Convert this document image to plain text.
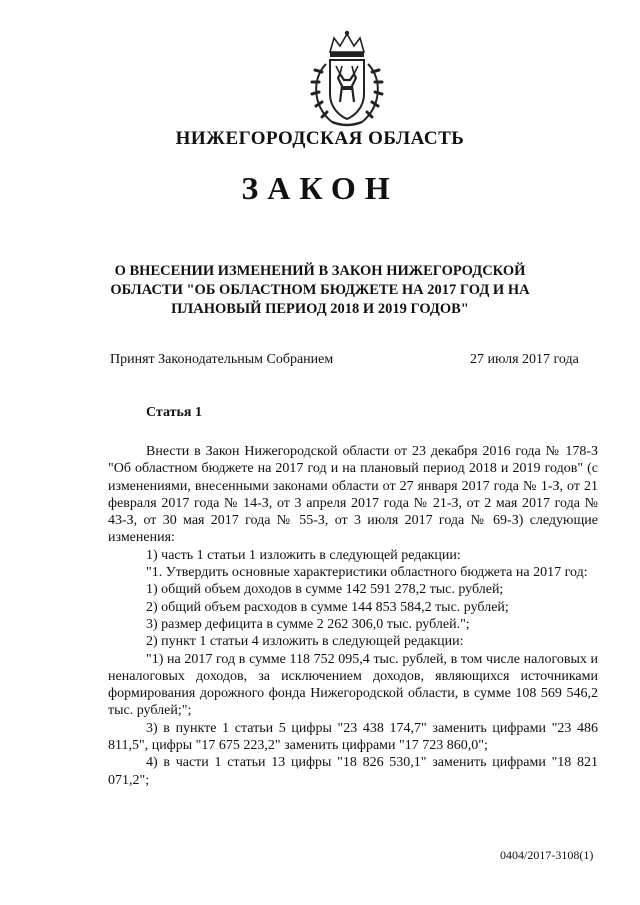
НИЖЕГОРОДСКАЯ ОБЛАСТЬ
ЗАКОН
О ВНЕСЕНИИ ИЗМЕНЕНИЙ В ЗАКОН НИЖЕГОРОДСКОЙ
ОБЛАСТИ "ОБ ОБЛАСТНОМ БЮДЖЕТЕ НА 2017 ГОД И НА
ПЛАНОВЫЙ ПЕРИОД 2018 И 2019 ГОДОВ"
Принят Законодательным Собранием	27 июля 2017 года
Статья 1
Внести в Закон Нижегородской области от 23 декабря 2016 года № 178-З "Об областном бюджете на 2017 год и на плановый период 2018 и 2019 годов" (с изменениями, внесенными законами области от 27 января 2017 года № 1-З, от 21 февраля 2017 года № 14-З, от 3 апреля 2017 года № 21-З, от 2 мая 2017 года № 43-З, от 30 мая 2017 года № 55-З, от 3 июля 2017 года № 69-З) следующие изменения:
1) часть 1 статьи 1 изложить в следующей редакции:
"1. Утвердить основные характеристики областного бюджета на 2017 год:
1) общий объем доходов в сумме 142 591 278,2 тыс. рублей;
2) общий объем расходов в сумме 144 853 584,2 тыс. рублей;
3) размер дефицита в сумме 2 262 306,0 тыс. рублей.";
2) пункт 1 статьи 4 изложить в следующей редакции:
"1) на 2017 год в сумме 118 752 095,4 тыс. рублей, в том числе налоговых и неналоговых доходов, за исключением доходов, являющихся источниками формирования дорожного фонда Нижегородской области, в сумме 108 569 546,2 тыс. рублей;";
3) в пункте 1 статьи 5 цифры "23 438 174,7" заменить цифрами "23 486 811,5", цифры "17 675 223,2" заменить цифрами "17 723 860,0";
4) в части 1 статьи 13 цифры "18 826 530,1" заменить цифрами "18 821 071,2";
0404/2017-3108(1)
